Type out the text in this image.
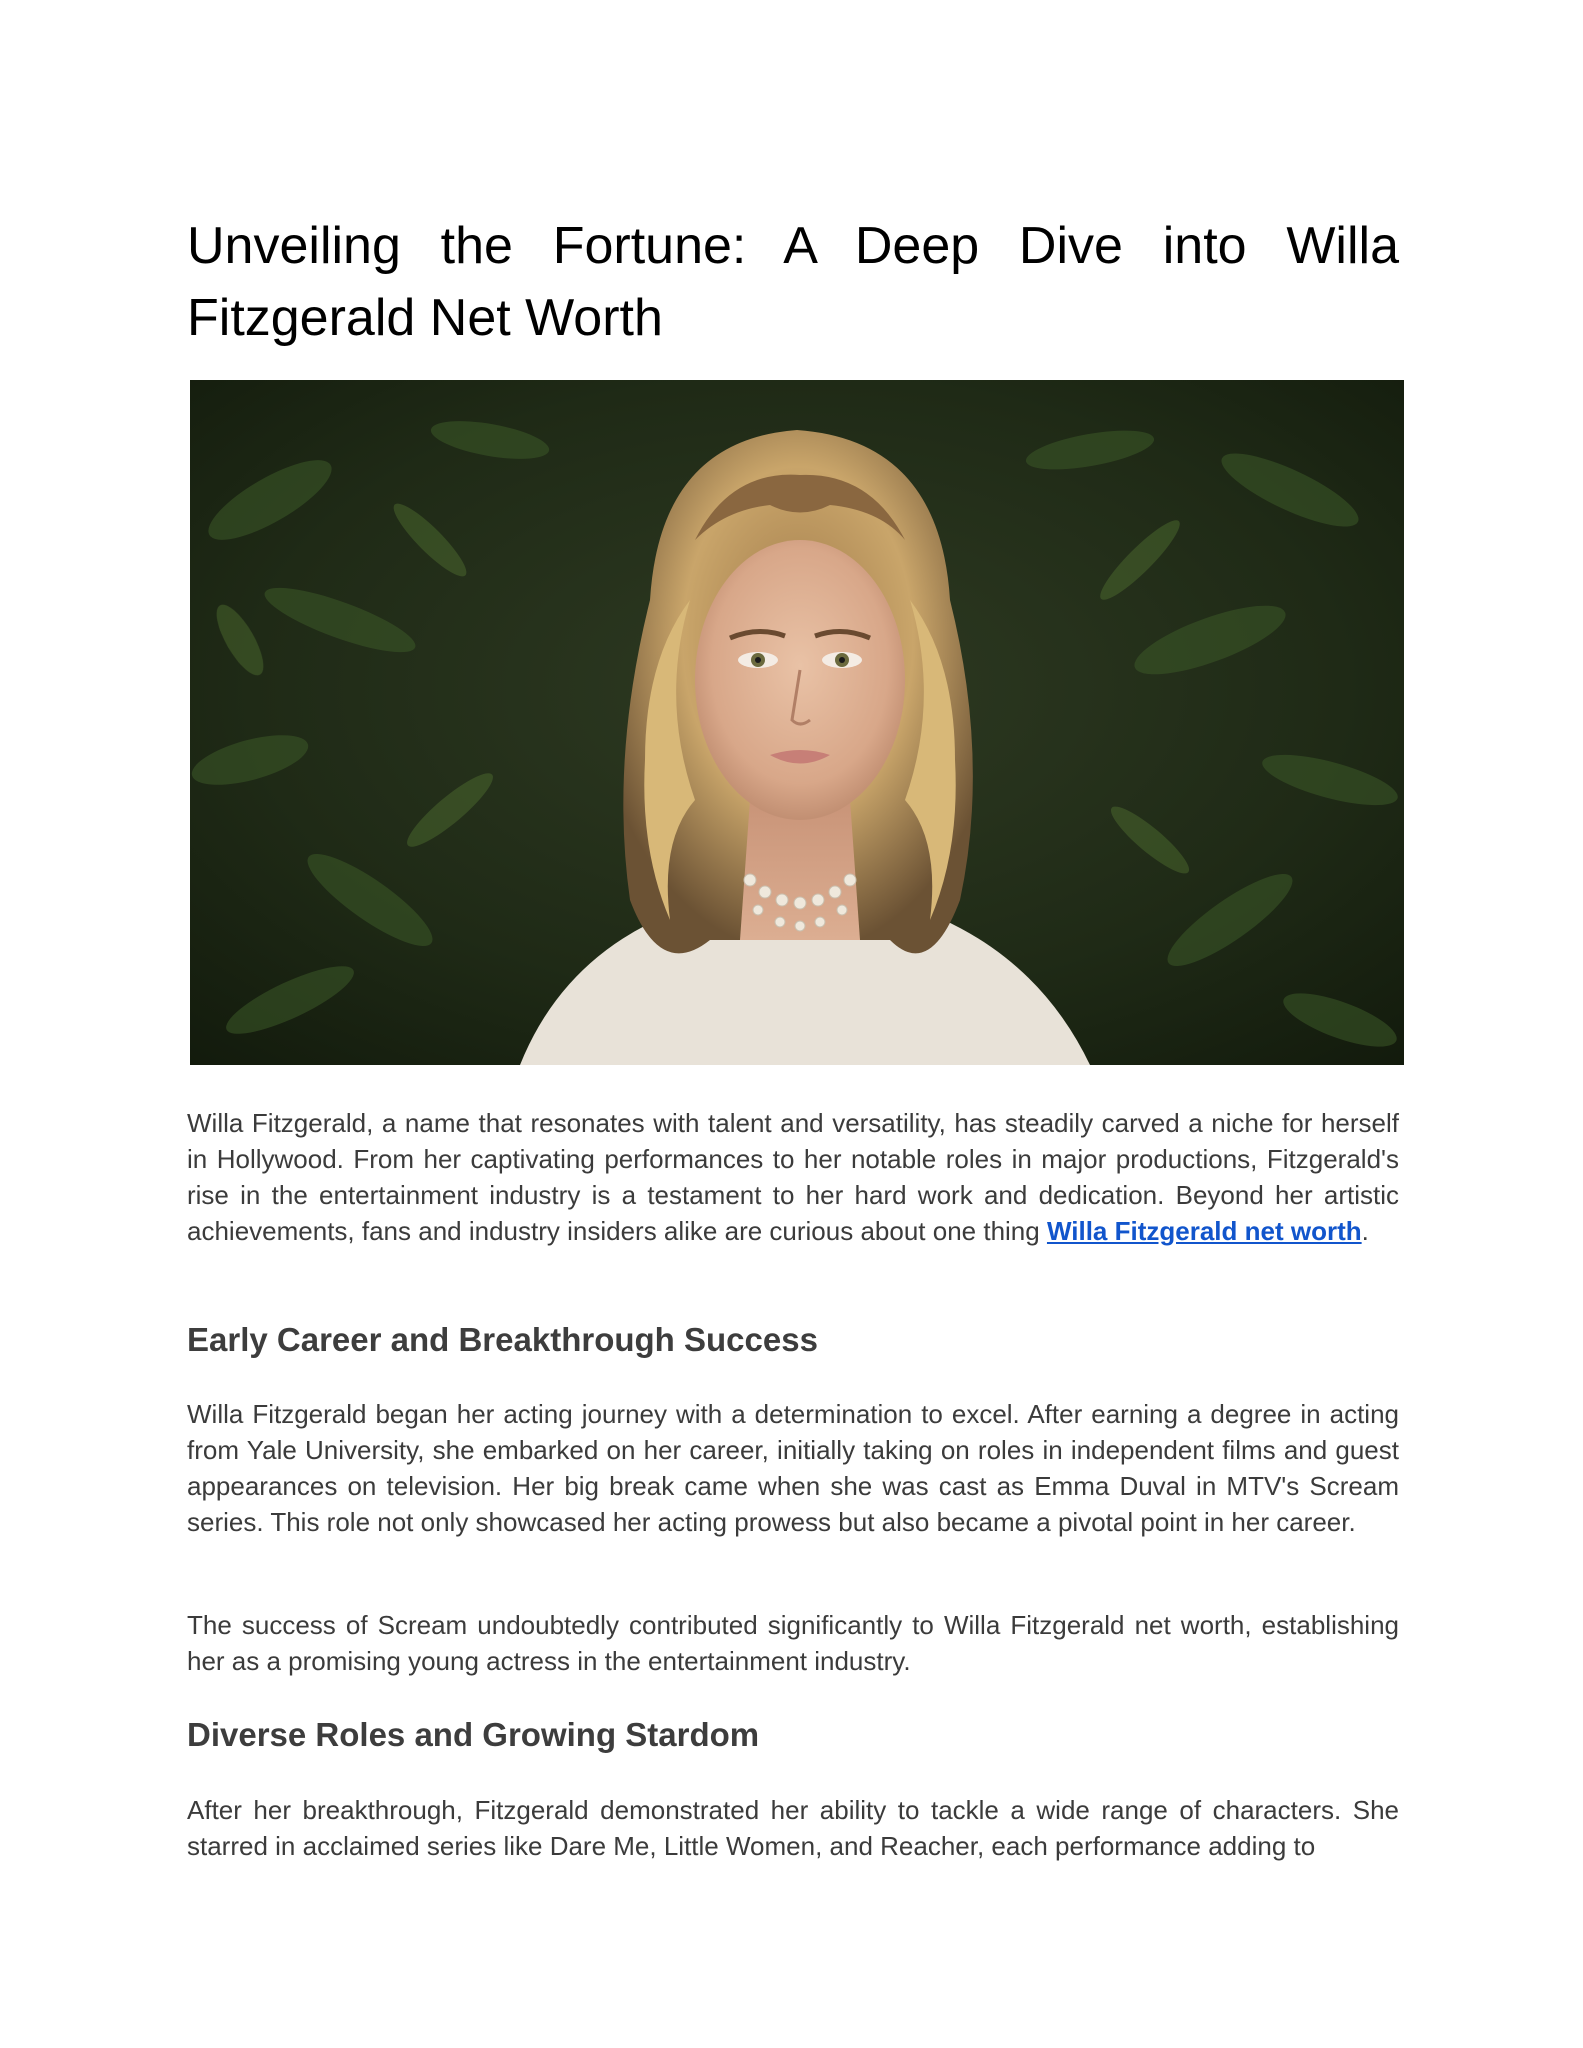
Unveiling the Fortune: A Deep Dive into Willa
Fitzgerald Net Worth

Willa Fitzgerald, a name that resonates with talent and versatility, has steadily carved a niche for herself in Hollywood. From her captivating performances to her notable roles in major productions, Fitzgerald's rise in the entertainment industry is a testament to her hard work and dedication. Beyond her artistic achievements, fans and industry insiders alike are curious about one thing Willa Fitzgerald net worth.

Early Career and Breakthrough Success

Willa Fitzgerald began her acting journey with a determination to excel. After earning a degree in acting from Yale University, she embarked on her career, initially taking on roles in independent films and guest appearances on television. Her big break came when she was cast as Emma Duval in MTV's Scream series. This role not only showcased her acting prowess but also became a pivotal point in her career.

The success of Scream undoubtedly contributed significantly to Willa Fitzgerald net worth, establishing her as a promising young actress in the entertainment industry.

Diverse Roles and Growing Stardom

After her breakthrough, Fitzgerald demonstrated her ability to tackle a wide range of characters. She starred in acclaimed series like Dare Me, Little Women, and Reacher, each performance adding to
